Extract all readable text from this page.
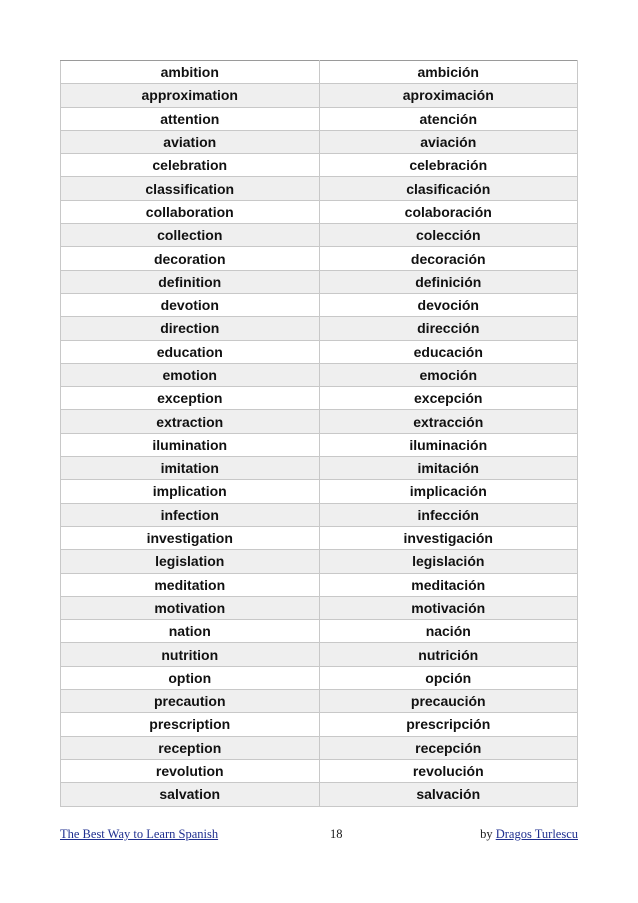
ambition	ambición
approximation	aproximación
attention	atención
aviation	aviación
celebration	celebración
classification	clasificación
collaboration	colaboración
collection	colección
decoration	decoración
definition	definición
devotion	devoción
direction	dirección
education	educación
emotion	emoción
exception	excepción
extraction	extracción
ilumination	iluminación
imitation	imitación
implication	implicación
infection	infección
investigation	investigación
legislation	legislación
meditation	meditación
motivation	motivación
nation	nación
nutrition	nutrición
option	opción
precaution	precaución
prescription	prescripción
reception	recepción
revolution	revolución
salvation	salvación
The Best Way to Learn Spanish	18	by Dragos Turlescu
